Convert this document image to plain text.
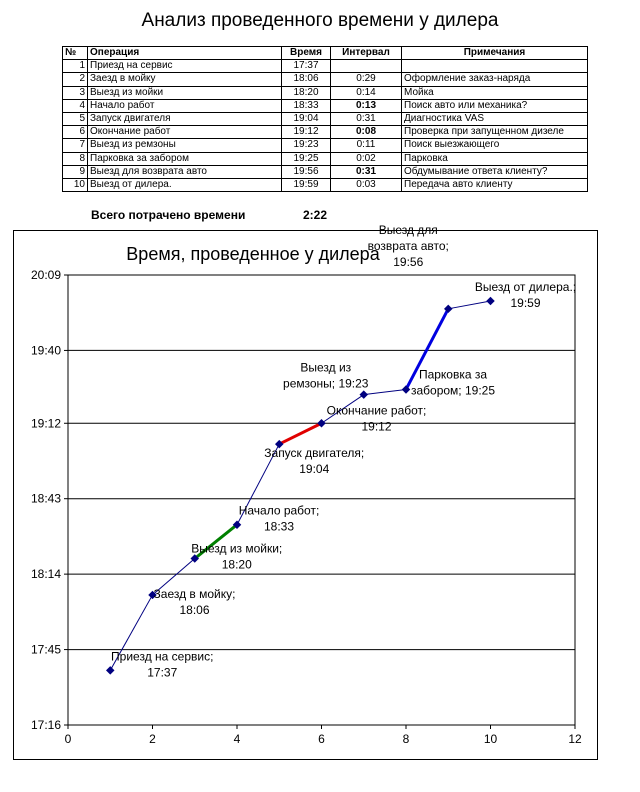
Анализ проведенного времени у дилера
№	Операция	Время	Интервал	Примечания
1	Приезд на сервис	17:37		
2	Заезд в мойку	18:06	0:29	Оформление заказ-наряда
3	Выезд из мойки	18:20	0:14	Мойка
4	Начало работ	18:33	0:13	Поиск авто или механика?
5	Запуск двигателя	19:04	0:31	Диагностика VAS
6	Окончание работ	19:12	0:08	Проверка при запущенном дизеле
7	Выезд из ремзоны	19:23	0:11	Поиск выезжающего
8	Парковка за забором	19:25	0:02	Парковка
9	Выезд для возврата авто	19:56	0:31	Обдумывание ответа клиенту?
10	Выезд от дилера.	19:59	0:03	Передача авто клиенту
Всего потрачено времени	2:22
Время, проведенное у дилера
17:16
17:45
18:14
18:43
19:12
19:40
20:09
0	2	4	6	8	10	12
Приезд на сервис; 17:37
Заезд в мойку; 18:06
Выезд из мойки; 18:20
Начало работ; 18:33
Запуск двигателя; 19:04
Окончание работ; 19:12
Выезд из ремзоны; 19:23
Парковка за забором; 19:25
Выезд для возврата авто; 19:56
Выезд от дилера.; 19:59
